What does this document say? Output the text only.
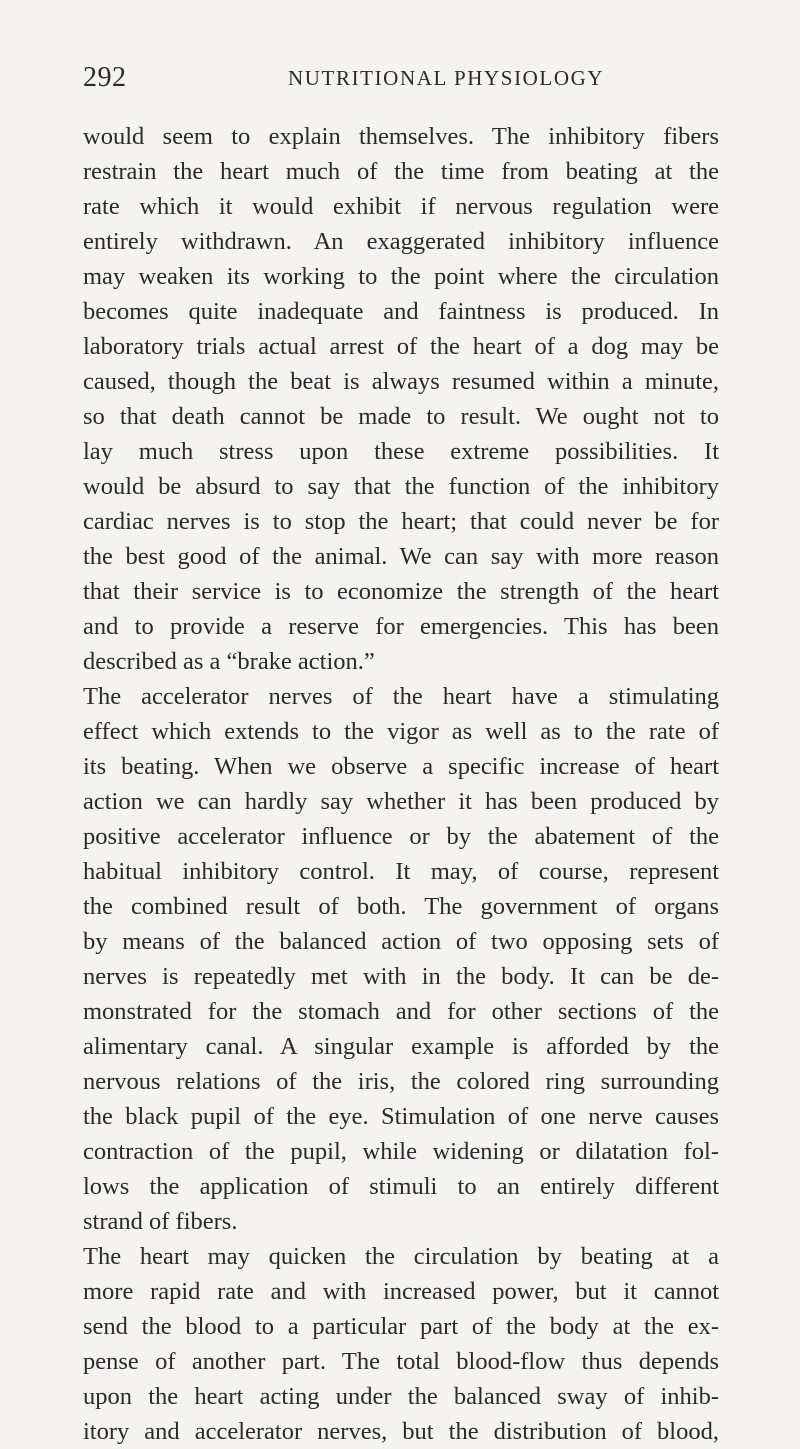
292	NUTRITIONAL PHYSIOLOGY
would seem to explain themselves. The inhibitory fibers
restrain the heart much of the time from beating at the
rate which it would exhibit if nervous regulation were
entirely withdrawn. An exaggerated inhibitory influence
may weaken its working to the point where the circulation
becomes quite inadequate and faintness is produced. In
laboratory trials actual arrest of the heart of a dog may be
caused, though the beat is always resumed within a minute,
so that death cannot be made to result. We ought not to
lay much stress upon these extreme possibilities. It
would be absurd to say that the function of the inhibitory
cardiac nerves is to stop the heart; that could never be for
the best good of the animal. We can say with more reason
that their service is to economize the strength of the heart
and to provide a reserve for emergencies. This has been
described as a “brake action.”
The accelerator nerves of the heart have a stimulating
effect which extends to the vigor as well as to the rate of
its beating. When we observe a specific increase of heart
action we can hardly say whether it has been produced by
positive accelerator influence or by the abatement of the
habitual inhibitory control. It may, of course, represent
the combined result of both. The government of organs
by means of the balanced action of two opposing sets of
nerves is repeatedly met with in the body. It can be de-
monstrated for the stomach and for other sections of the
alimentary canal. A singular example is afforded by the
nervous relations of the iris, the colored ring surrounding
the black pupil of the eye. Stimulation of one nerve causes
contraction of the pupil, while widening or dilatation fol-
lows the application of stimuli to an entirely different
strand of fibers.
The heart may quicken the circulation by beating at a
more rapid rate and with increased power, but it cannot
send the blood to a particular part of the body at the ex-
pense of another part. The total blood-flow thus depends
upon the heart acting under the balanced sway of inhib-
itory and accelerator nerves, but the distribution of blood,
